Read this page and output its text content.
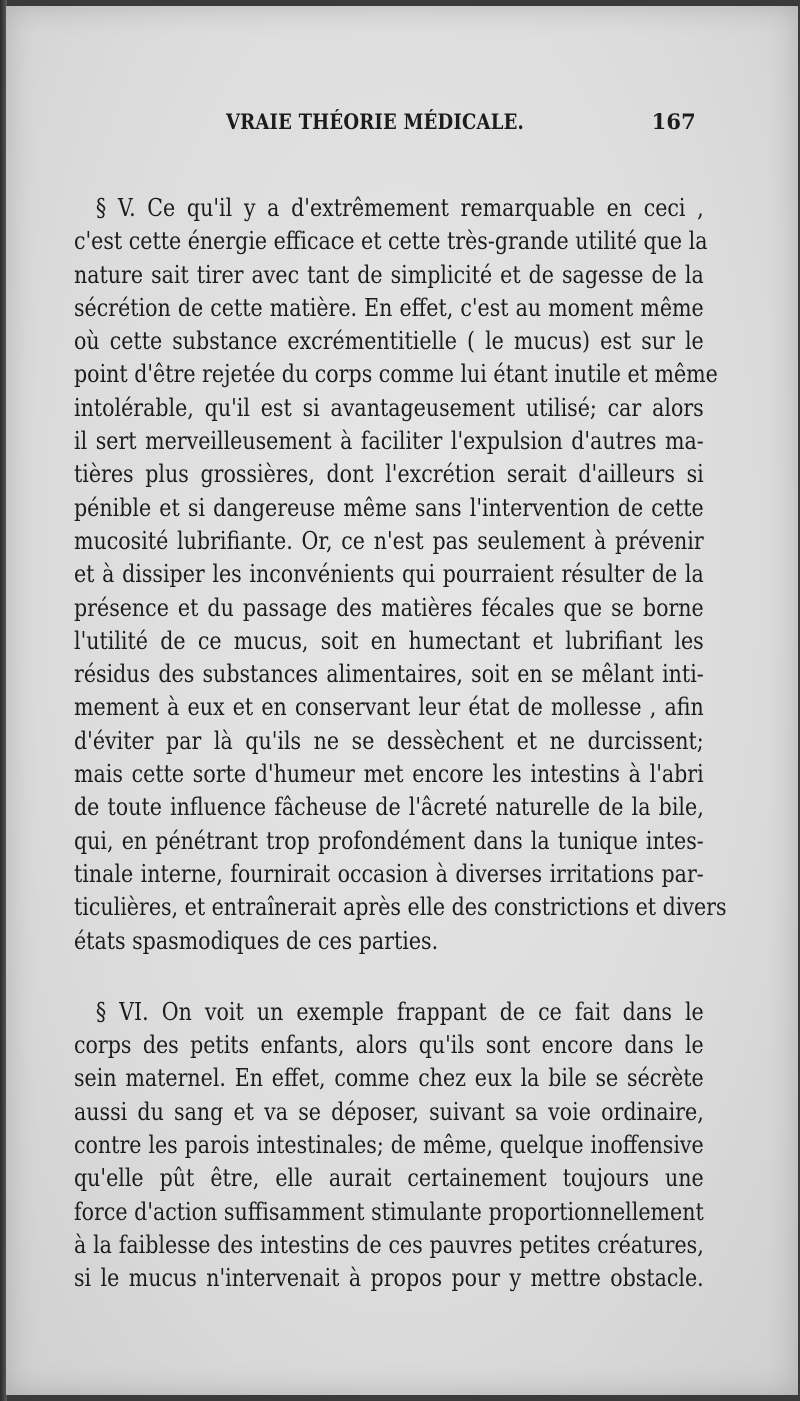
VRAIE THÉORIE MÉDICALE.	167
§ V. Ce qu'il y a d'extrêmement remarquable en ceci ,
c'est cette énergie efficace et cette très-grande utilité que la
nature sait tirer avec tant de simplicité et de sagesse de la
sécrétion de cette matière. En effet, c'est au moment même
où cette substance excrémentitielle ( le mucus) est sur le
point d'être rejetée du corps comme lui étant inutile et même
intolérable, qu'il est si avantageusement utilisé; car alors
il sert merveilleusement à faciliter l'expulsion d'autres ma-
tières plus grossières, dont l'excrétion serait d'ailleurs si
pénible et si dangereuse même sans l'intervention de cette
mucosité lubrifiante. Or, ce n'est pas seulement à prévenir
et à dissiper les inconvénients qui pourraient résulter de la
présence et du passage des matières fécales que se borne
l'utilité de ce mucus, soit en humectant et lubrifiant les
résidus des substances alimentaires, soit en se mêlant inti-
mement à eux et en conservant leur état de mollesse , afin
d'éviter par là qu'ils ne se dessèchent et ne durcissent;
mais cette sorte d'humeur met encore les intestins à l'abri
de toute influence fâcheuse de l'âcreté naturelle de la bile,
qui, en pénétrant trop profondément dans la tunique intes-
tinale interne, fournirait occasion à diverses irritations par-
ticulières, et entraînerait après elle des constrictions et divers
états spasmodiques de ces parties.
§ VI. On voit un exemple frappant de ce fait dans le
corps des petits enfants, alors qu'ils sont encore dans le
sein maternel. En effet, comme chez eux la bile se sécrète
aussi du sang et va se déposer, suivant sa voie ordinaire,
contre les parois intestinales; de même, quelque inoffensive
qu'elle pût être, elle aurait certainement toujours une
force d'action suffisamment stimulante proportionnellement
à la faiblesse des intestins de ces pauvres petites créatures,
si le mucus n'intervenait à propos pour y mettre obstacle.
